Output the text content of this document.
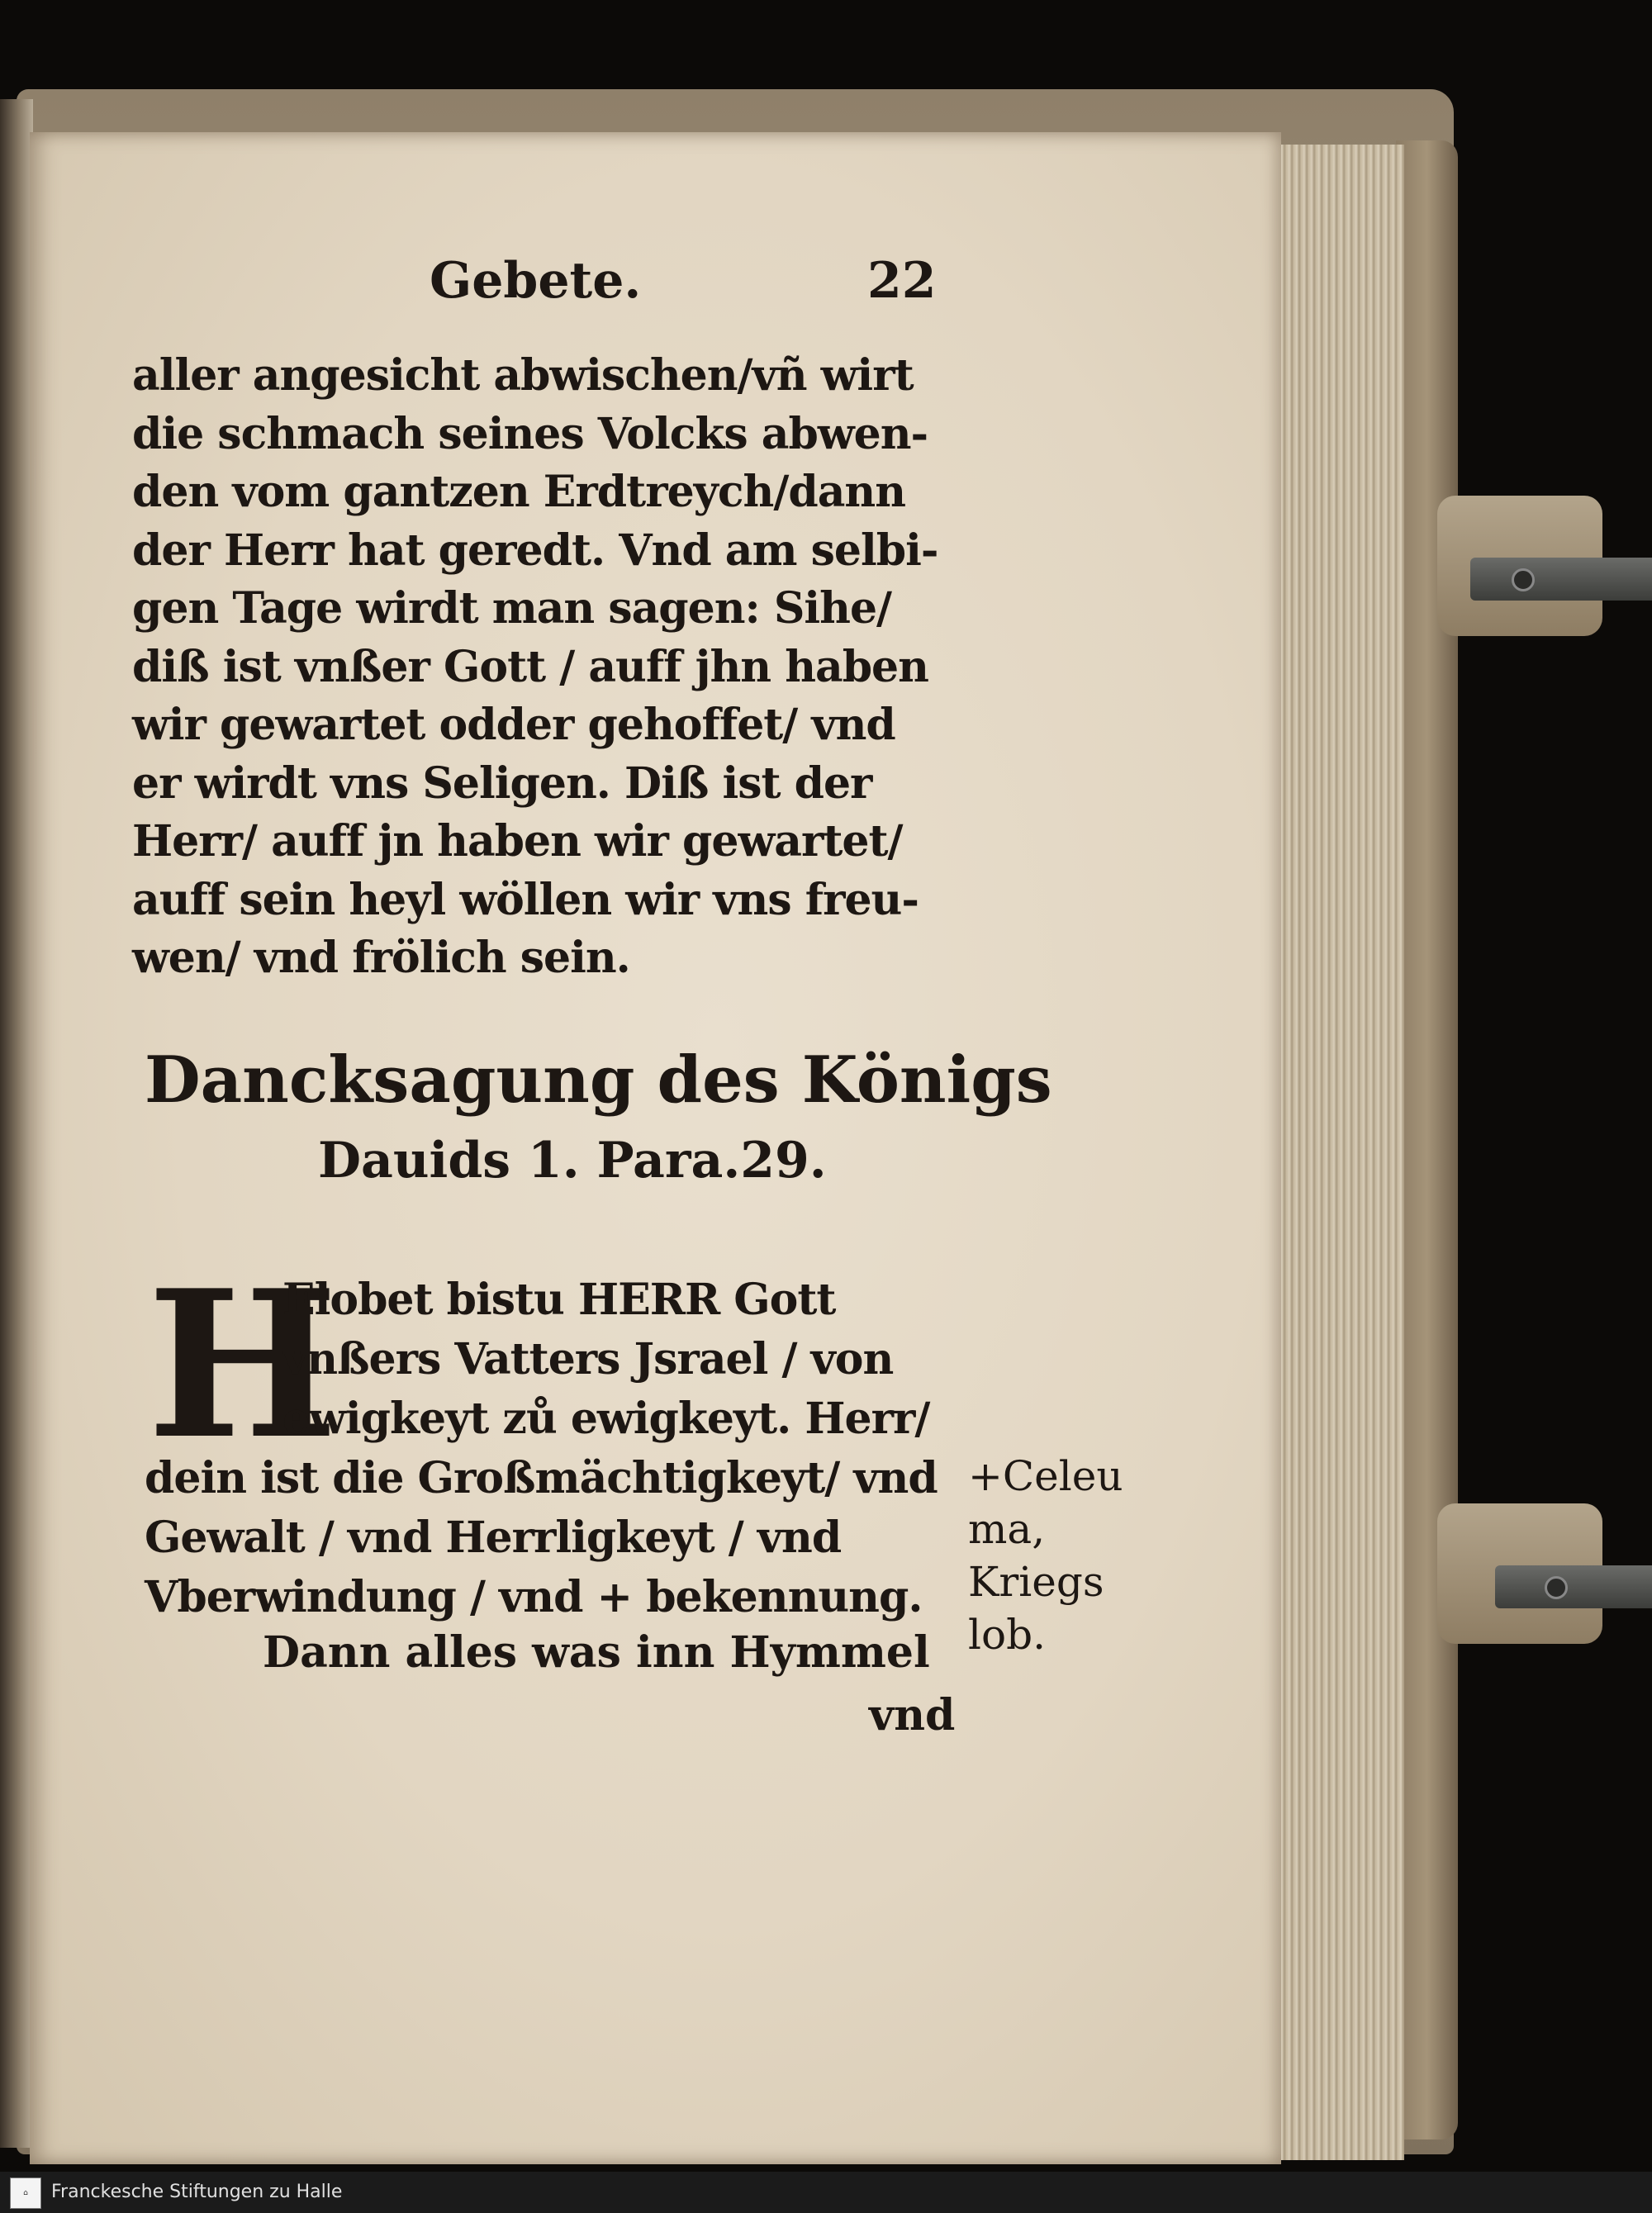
Gebete.	22
aller angesicht abwischen/vñ wirt
die schmach seines Volcks abwen-
den vom gantzen Erdtreych/dann
der Herr hat geredt. Vnd am selbi-
gen Tage wirdt man sagen: Sihe/
diß ist vnßer Gott / auff jhn haben
wir gewartet odder gehoffet/ vnd
er wirdt vns Seligen. Diß ist der
Herr/ auff jn haben wir gewartet/
auff sein heyl wöllen wir vns freu-
wen/ vnd frölich sein.
Dancksagung des Königs
Dauids 1. Para.29.
H
Elobet bistu HERR Gott
vnßers Vatters Jsrael / von
ewigkeyt zů ewigkeyt. Herr/
dein ist die Großmächtigkeyt/ vnd
Gewalt / vnd Herrligkeyt / vnd
Vberwindung / vnd + bekennung.
Dann alles was inn Hymmel
vnd
+Celeu
ma,
Kriegs
lob.
⌂	Franckesche Stiftungen zu Halle
